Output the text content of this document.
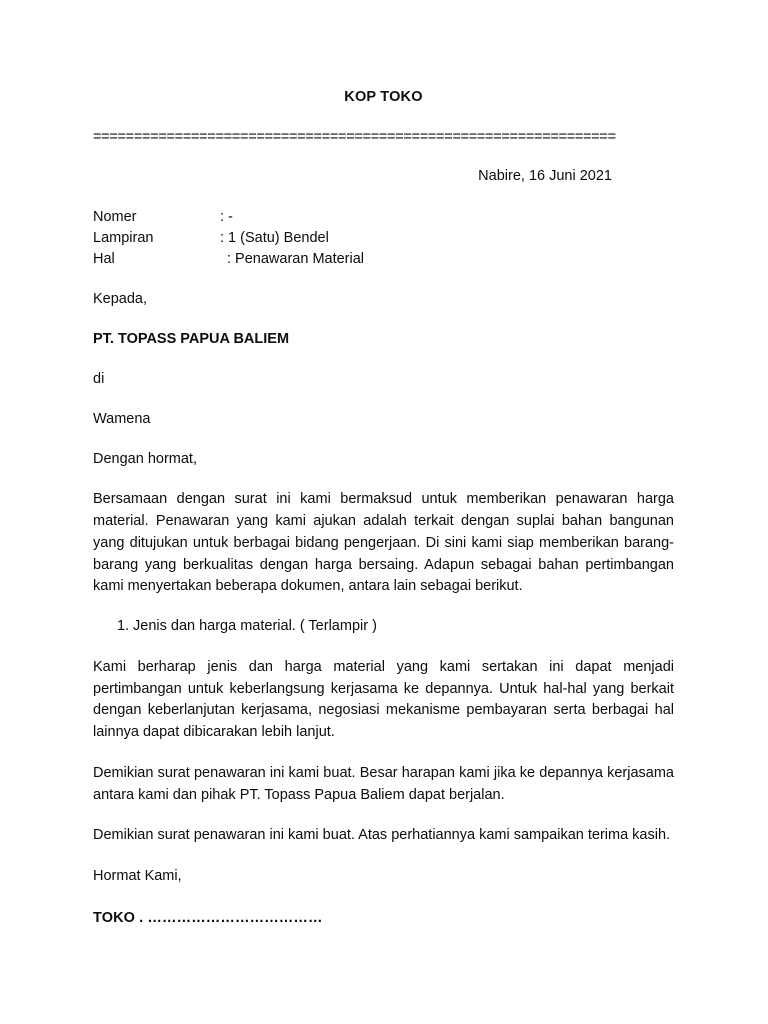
KOP TOKO
================================================================
Nabire, 16 Juni 2021
Nomer	: -
Lampiran	: 1 (Satu) Bendel
Hal	: Penawaran Material
Kepada,
PT. TOPASS PAPUA BALIEM
di
Wamena
Dengan hormat,
Bersamaan dengan surat ini kami bermaksud untuk memberikan penawaran harga material. Penawaran yang kami ajukan adalah terkait dengan suplai bahan bangunan yang ditujukan untuk berbagai bidang pengerjaan. Di sini kami siap memberikan barang-barang yang berkualitas dengan harga bersaing. Adapun sebagai bahan pertimbangan kami menyertakan beberapa dokumen, antara lain sebagai berikut.
1. Jenis dan harga material. ( Terlampir )
Kami berharap jenis dan harga material yang kami sertakan ini dapat menjadi pertimbangan untuk keberlangsung kerjasama ke depannya. Untuk hal-hal yang berkait dengan keberlanjutan kerjasama, negosiasi mekanisme pembayaran serta berbagai hal lainnya dapat dibicarakan lebih lanjut.
Demikian surat penawaran ini kami buat. Besar harapan kami jika ke depannya kerjasama antara kami dan pihak PT. Topass Papua Baliem dapat berjalan.
Demikian surat penawaran ini kami buat. Atas perhatiannya kami sampaikan terima kasih.
Hormat Kami,
TOKO . ………………………………
